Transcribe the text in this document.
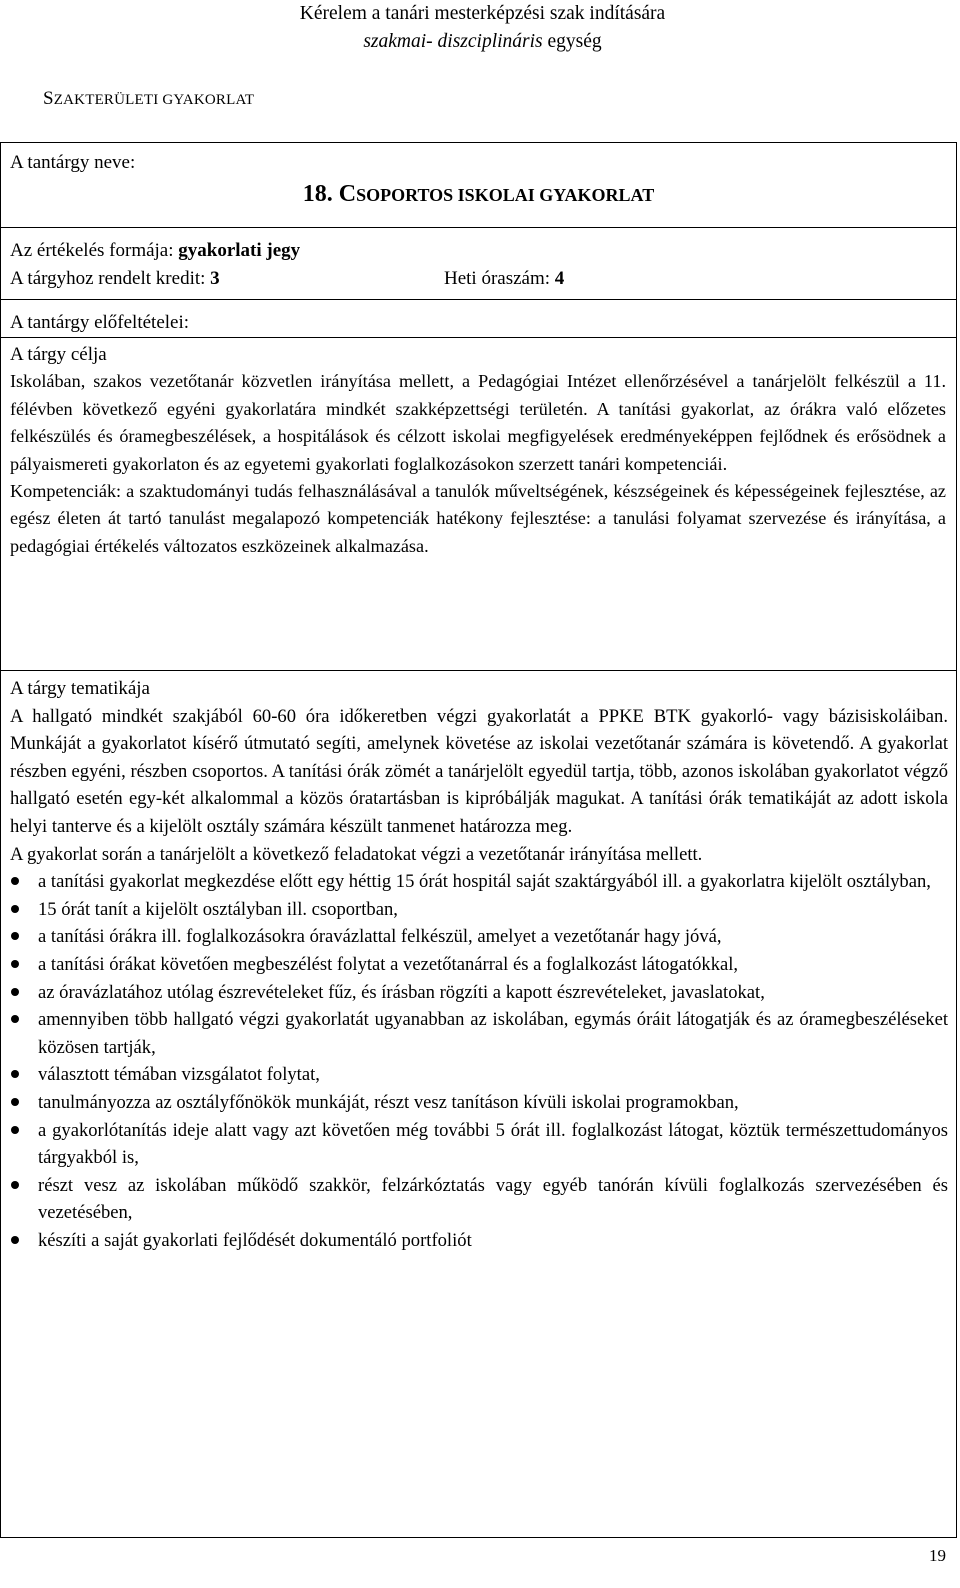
Kérelem a tanári mesterképzési szak indítására
szakmai- diszciplináris egység
SZAKTERÜLETI GYAKORLAT
A tantárgy neve:
18. CSOPORTOS ISKOLAI GYAKORLAT
Az értékelés formája: gyakorlati jegy
A tárgyhoz rendelt kredit: 3	Heti óraszám: 4
A tantárgy előfeltételei:

A tárgy célja

Iskolában, szakos vezetőtanár közvetlen irányítása mellett, a Pedagógiai Intézet ellenőrzésével a tanárjelölt felkészül a 11. félévben következő egyéni gyakorlatára mindkét szakképzettségi területén. A tanítási gyakorlat, az órákra való előzetes felkészülés és óramegbeszélések, a hospitálások és célzott iskolai megfigyelések eredményeképpen fejlődnek és erősödnek a pályaismereti gyakorlaton és az egyetemi gyakorlati foglalkozásokon szerzett tanári kompetenciái.

Kompetenciák: a szaktudományi tudás felhasználásával a tanulók műveltségének, készségeinek és képességeinek fejlesztése, az egész életen át tartó tanulást megalapozó kompetenciák hatékony fejlesztése: a tanulási folyamat szervezése és irányítása, a pedagógiai értékelés változatos eszközeinek alkalmazása.

A tárgy tematikája

A hallgató mindkét szakjából 60-60 óra időkeretben végzi gyakorlatát a PPKE BTK gyakorló- vagy bázisiskoláiban. Munkáját a gyakorlatot kísérő útmutató segíti, amelynek követése az iskolai vezetőtanár számára is követendő. A gyakorlat részben egyéni, részben csoportos. A tanítási órák zömét a tanárjelölt egyedül tartja, több, azonos iskolában gyakorlatot végző hallgató esetén egy-két alkalommal a közös óratartásban is kipróbálják magukat. A tanítási órák tematikáját az adott iskola helyi tanterve és a kijelölt osztály számára készült tanmenet határozza meg.

A gyakorlat során a tanárjelölt a következő feladatokat végzi a vezetőtanár irányítása mellett.

a tanítási gyakorlat megkezdése előtt egy héttig 15 órát hospitál saját szaktárgyából ill. a gyakorlatra kijelölt osztályban,
15 órát tanít a kijelölt osztályban ill. csoportban,
a tanítási órákra ill. foglalkozásokra óravázlattal felkészül, amelyet a vezetőtanár hagy jóvá,
a tanítási órákat követően megbeszélést folytat a vezetőtanárral és a foglalkozást látogatókkal,
az óravázlatához utólag észrevételeket fűz, és írásban rögzíti a kapott észrevételeket, javaslatokat,
amennyiben több hallgató végzi gyakorlatát ugyanabban az iskolában, egymás óráit látogatják és az óramegbeszéléseket közösen tartják,
választott témában vizsgálatot folytat,
tanulmányozza az osztályfőnökök munkáját, részt vesz tanításon kívüli iskolai programokban,
a gyakorlótanítás ideje alatt vagy azt követően még további 5 órát ill. foglalkozást látogat, köztük természettudományos tárgyakból is,
részt vesz az iskolában működő szakkör, felzárkóztatás vagy egyéb tanórán kívüli foglalkozás szervezésében és vezetésében,
készíti a saját gyakorlati fejlődését dokumentáló portfoliót
19
